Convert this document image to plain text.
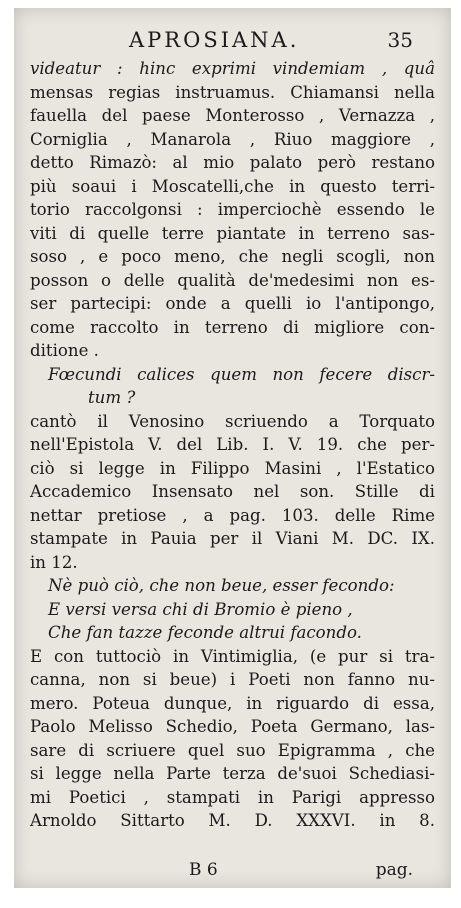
APROSIANA.	35
videatur : hinc exprimi vindemiam , quâ
mensas regias instruamus. Chiamansi nella
fauella del paese Monterosso , Vernazza ,
Corniglia , Manarola , Riuo maggiore ,
detto Rimazò: al mio palato però restano
più soaui i Moscatelli,che in questo terri-
torio raccolgonsi : imperciochè essendo le
viti di quelle terre piantate in terreno sas-
soso , e poco meno, che negli scogli, non
posson o delle qualità de'medesimi non es-
ser partecipi: onde a quelli io l'antipongo,
come raccolto in terreno di migliore con-
ditione .
Fœcundi calices quem non fecere discr-
tum ?
cantò il Venosino scriuendo a Torquato
nell'Epistola V. del Lib. I. V. 19. che per-
ciò si legge in Filippo Masini , l'Estatico
Accademico Insensato nel son. Stille di
nettar pretiose , a pag. 103. delle Rime
stampate in Pauia per il Viani M. DC. IX.
in 12.
Nè può ciò, che non beue, esser fecondo:
E versi versa chi di Bromio è pieno ,
Che fan tazze feconde altrui facondo.
E con tuttociò in Vintimiglia, (e pur si tra-
canna, non si beue) i Poeti non fanno nu-
mero. Poteua dunque, in riguardo di essa,
Paolo Melisso Schedio, Poeta Germano, las-
sare di scriuere quel suo Epigramma , che
si legge nella Parte terza de'suoi Schediasi-
mi Poetici , stampati in Parigi appresso
Arnoldo Sittarto M. D. XXXVI. in 8.
B 6	pag.
